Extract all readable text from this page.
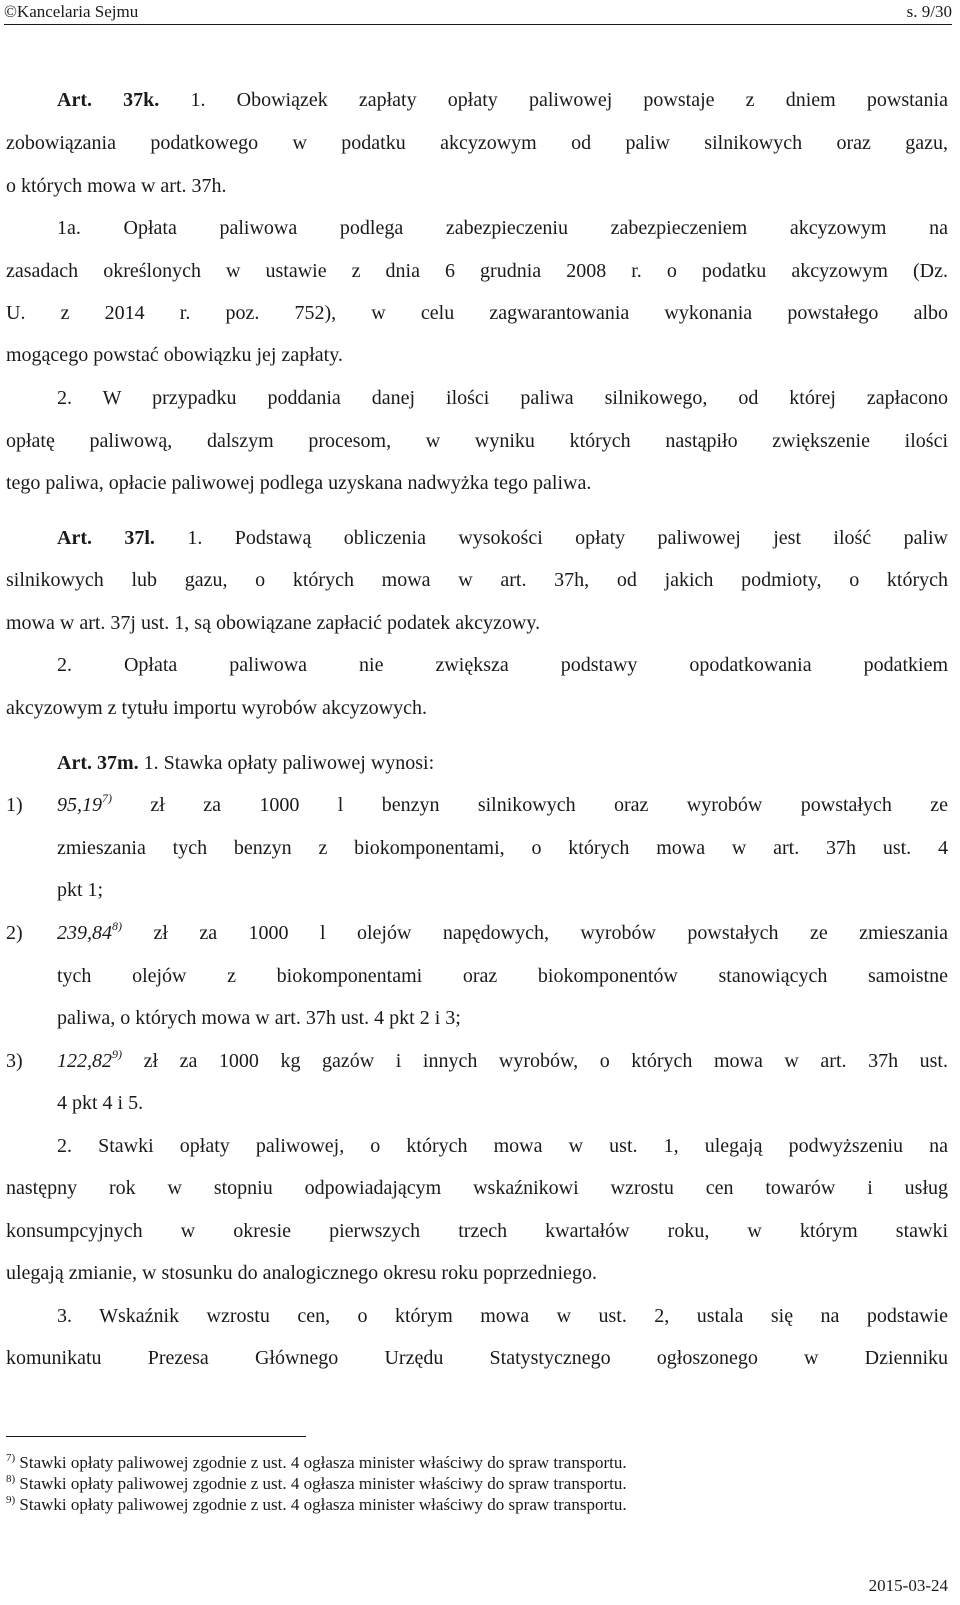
©Kancelaria Sejmu	s. 9/30
Art. 37k. 1. Obowiązek zapłaty opłaty paliwowej powstaje z dniem powstania
zobowiązania podatkowego w podatku akcyzowym od paliw silnikowych oraz gazu,
o których mowa w art. 37h.
1a. Opłata paliwowa podlega zabezpieczeniu zabezpieczeniem akcyzowym na
zasadach określonych w ustawie z dnia 6 grudnia 2008 r. o podatku akcyzowym (Dz.
U. z 2014 r. poz. 752), w celu zagwarantowania wykonania powstałego albo
mogącego powstać obowiązku jej zapłaty.
2. W przypadku poddania danej ilości paliwa silnikowego, od której zapłacono
opłatę paliwową, dalszym procesom, w wyniku których nastąpiło zwiększenie ilości
tego paliwa, opłacie paliwowej podlega uzyskana nadwyżka tego paliwa.
Art. 37l. 1. Podstawą obliczenia wysokości opłaty paliwowej jest ilość paliw
silnikowych lub gazu, o których mowa w art. 37h, od jakich podmioty, o których
mowa w art. 37j ust. 1, są obowiązane zapłacić podatek akcyzowy.
2. Opłata paliwowa nie zwiększa podstawy opodatkowania podatkiem
akcyzowym z tytułu importu wyrobów akcyzowych.
Art. 37m. 1. Stawka opłaty paliwowej wynosi:
1) 95,19$^{7)}$ zł za 1000 l benzyn silnikowych oraz wyrobów powstałych ze
zmieszania tych benzyn z biokomponentami, o których mowa w art. 37h ust. 4
pkt 1;
2) 239,84$^{8)}$ zł za 1000 l olejów napędowych, wyrobów powstałych ze zmieszania
tych olejów z biokomponentami oraz biokomponentów stanowiących samoistne
paliwa, o których mowa w art. 37h ust. 4 pkt 2 i 3;
3) 122,82$^{9)}$ zł za 1000 kg gazów i innych wyrobów, o których mowa w art. 37h ust.
4 pkt 4 i 5.
2. Stawki opłaty paliwowej, o których mowa w ust. 1, ulegają podwyższeniu na
następny rok w stopniu odpowiadającym wskaźnikowi wzrostu cen towarów i usług
konsumpcyjnych w okresie pierwszych trzech kwartałów roku, w którym stawki
ulegają zmianie, w stosunku do analogicznego okresu roku poprzedniego.
3. Wskaźnik wzrostu cen, o którym mowa w ust. 2, ustala się na podstawie
komunikatu Prezesa Głównego Urzędu Statystycznego ogłoszonego w Dzienniku
$^{7)}$ Stawki opłaty paliwowej zgodnie z ust. 4 ogłasza minister właściwy do spraw transportu.
$^{8)}$ Stawki opłaty paliwowej zgodnie z ust. 4 ogłasza minister właściwy do spraw transportu.
$^{9)}$ Stawki opłaty paliwowej zgodnie z ust. 4 ogłasza minister właściwy do spraw transportu.
2015-03-24
